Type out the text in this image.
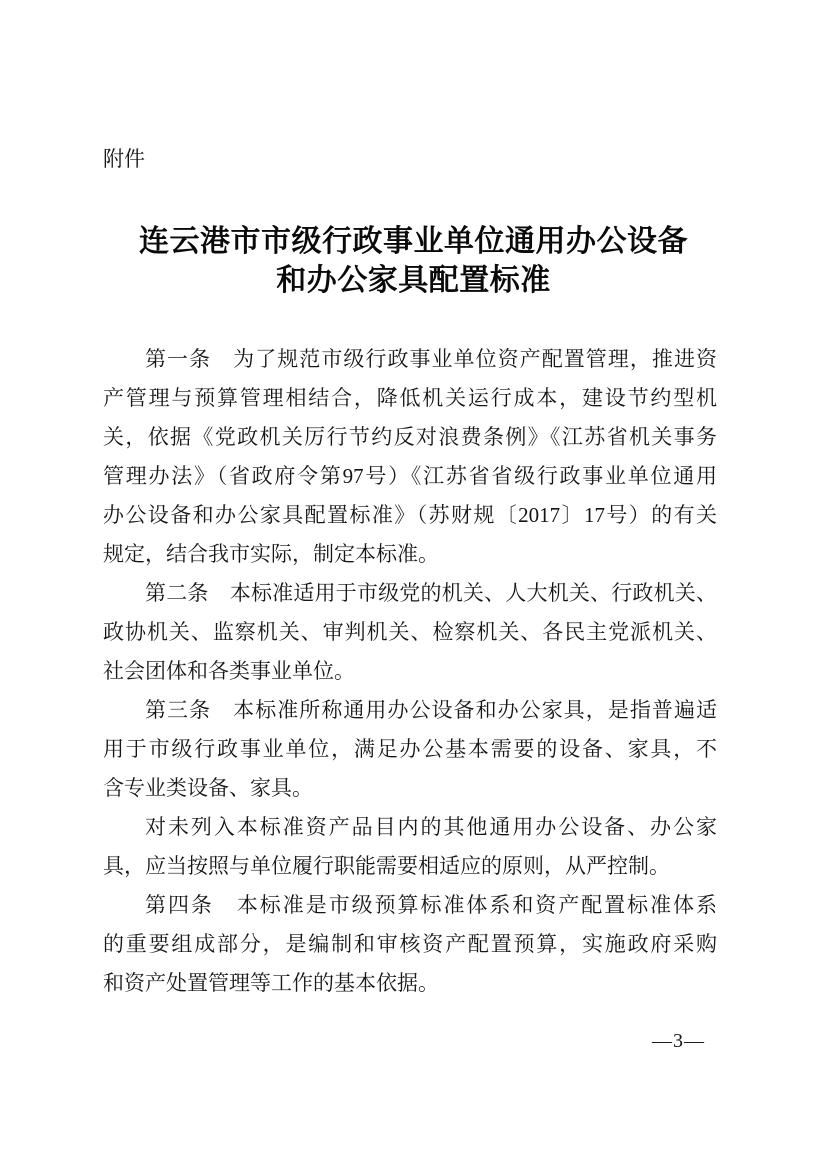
附件
连云港市市级行政事业单位通用办公设备
和办公家具配置标准
第一条　为了规范市级行政事业单位资产配置管理，推进资
产管理与预算管理相结合，降低机关运行成本，建设节约型机
关，依据《党政机关厉行节约反对浪费条例》《江苏省机关事务
管理办法》（省政府令第97号）《江苏省省级行政事业单位通用
办公设备和办公家具配置标准》（苏财规〔2017〕17号）的有关
规定，结合我市实际，制定本标准。
第二条　本标准适用于市级党的机关、人大机关、行政机关、
政协机关、监察机关、审判机关、检察机关、各民主党派机关、
社会团体和各类事业单位。
第三条　本标准所称通用办公设备和办公家具，是指普遍适
用于市级行政事业单位，满足办公基本需要的设备、家具，不
含专业类设备、家具。
对未列入本标准资产品目内的其他通用办公设备、办公家
具，应当按照与单位履行职能需要相适应的原则，从严控制。
第四条　本标准是市级预算标准体系和资产配置标准体系
的重要组成部分，是编制和审核资产配置预算，实施政府采购
和资产处置管理等工作的基本依据。
—3—
